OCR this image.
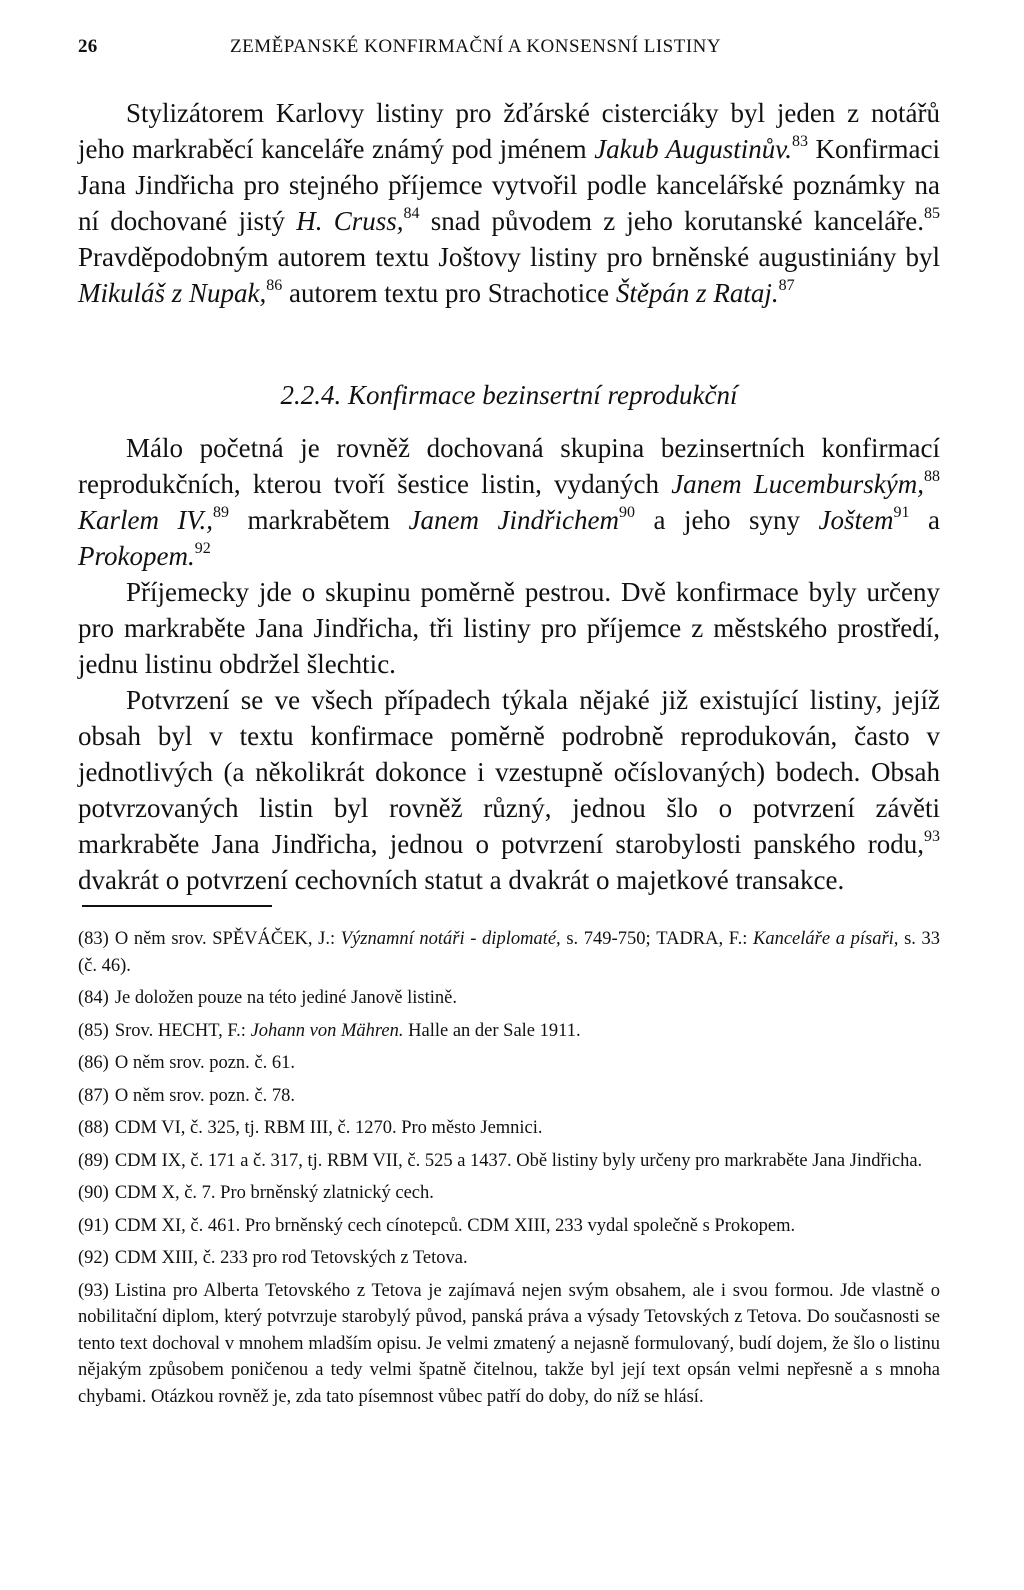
26	ZEMĚPANSKÉ KONFIRMAČNÍ A KONSENSNÍ LISTINY

Stylizátorem Karlovy listiny pro žďárské cisterciáky byl jeden z notářů jeho markraběcí kanceláře známý pod jménem Jakub Augustinův.$^{83}$ Konfirmaci Jana Jindřicha pro stejného příjemce vytvořil podle kancelářské poznámky na ní dochované jistý H. Cruss,$^{84}$ snad původem z jeho korutanské kanceláře.$^{85}$ Pravděpodobným autorem textu Joštovy listiny pro brněnské augustiniány byl Mikuláš z Nupak,$^{86}$ autorem textu pro Strachotice Štěpán z Rataj.$^{87}$

2.2.4. Konfirmace bezinsertní reprodukční

Málo početná je rovněž dochovaná skupina bezinsertních konfirmací reprodukčních, kterou tvoří šestice listin, vydaných Janem Lucemburským,$^{88}$ Karlem IV.,$^{89}$ markrabětem Janem Jindřichem$^{90}$ a jeho syny Joštem$^{91}$ a Prokopem.$^{92}$

Příjemecky jde o skupinu poměrně pestrou. Dvě konfirmace byly určeny pro markraběte Jana Jindřicha, tři listiny pro příjemce z městského prostředí, jednu listinu obdržel šlechtic.

Potvrzení se ve všech případech týkala nějaké již existující listiny, jejíž obsah byl v textu konfirmace poměrně podrobně reprodukován, často v jednotlivých (a několikrát dokonce i vzestupně očíslovaných) bodech. Obsah potvrzovaných listin byl rovněž různý, jednou šlo o potvrzení závěti markraběte Jana Jindřicha, jednou o potvrzení starobylosti panského rodu,$^{93}$ dvakrát o potvrzení cechovních statut a dvakrát o majetkové transakce.

(83) O něm srov. SPĚVÁČEK, J.: Významní notáři - diplomaté, s. 749-750; TADRA, F.: Kanceláře a písaři, s. 33 (č. 46).

(84) Je doložen pouze na této jediné Janově listině.

(85) Srov. HECHT, F.: Johann von Mähren. Halle an der Sale 1911.

(86) O něm srov. pozn. č. 61.

(87) O něm srov. pozn. č. 78.

(88) CDM VI, č. 325, tj. RBM III, č. 1270. Pro město Jemnici.

(89) CDM IX, č. 171 a č. 317, tj. RBM VII, č. 525 a 1437. Obě listiny byly určeny pro markraběte Jana Jindřicha.

(90) CDM X, č. 7. Pro brněnský zlatnický cech.

(91) CDM XI, č. 461. Pro brněnský cech cínotepců. CDM XIII, 233 vydal společně s Prokopem.

(92) CDM XIII, č. 233 pro rod Tetovských z Tetova.

(93) Listina pro Alberta Tetovského z Tetova je zajímavá nejen svým obsahem, ale i svou formou. Jde vlastně o nobilitační diplom, který potvrzuje starobylý původ, panská práva a výsady Tetovských z Tetova. Do současnosti se tento text dochoval v mnohem mladším opisu. Je velmi zmatený a nejasně formulovaný, budí dojem, že šlo o listinu nějakým způsobem poničenou a tedy velmi špatně čitelnou, takže byl její text opsán velmi nepřesně a s mnoha chybami. Otázkou rovněž je, zda tato písemnost vůbec patří do doby, do níž se hlásí.
